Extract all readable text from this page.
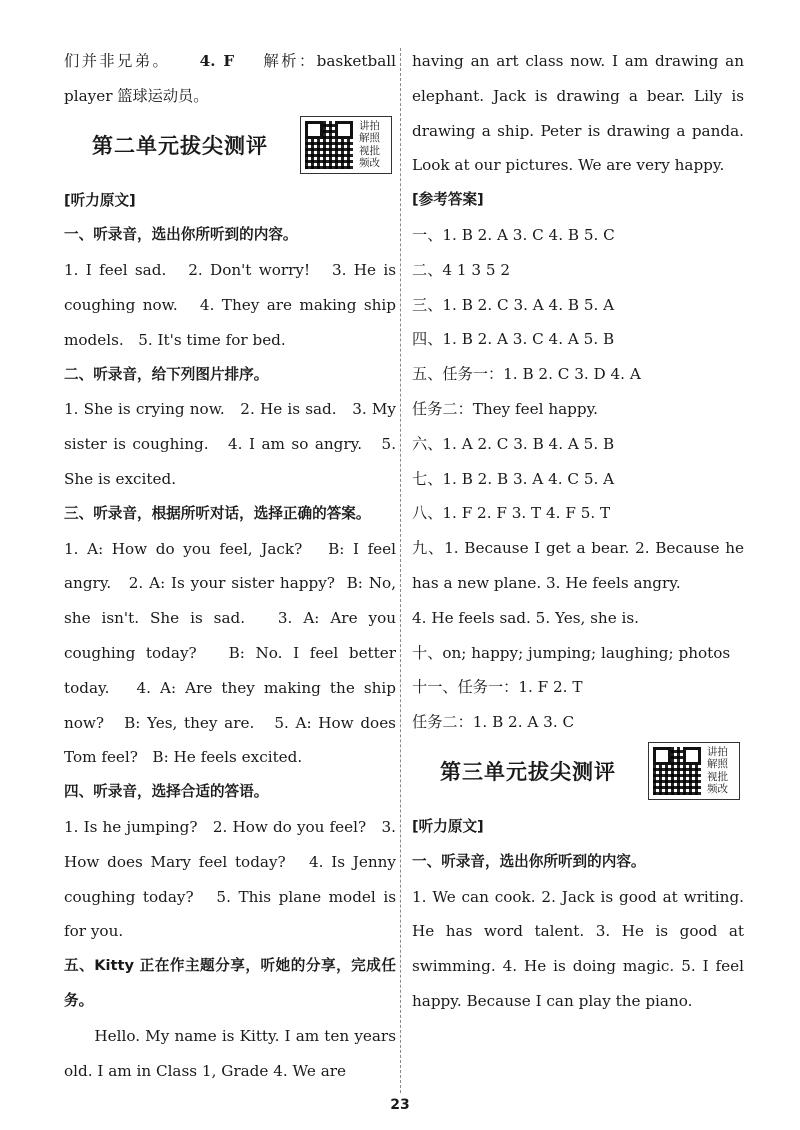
们并非兄弟。 4. F 解析：basketball player 篮球运动员。

第二单元拔尖测评
讲拍解照视批频改

[听力原文]

一、听录音，选出你所听到的内容。

1. I feel sad. 2. Don't worry! 3. He is coughing now. 4. They are making ship models. 5. It's time for bed.

二、听录音，给下列图片排序。

1. She is crying now. 2. He is sad. 3. My sister is coughing. 4. I am so angry. 5. She is excited.

三、听录音，根据所听对话，选择正确的答案。

1. A: How do you feel, Jack? B: I feel angry. 2. A: Is your sister happy? B: No, she isn't. She is sad. 3. A: Are you coughing today? B: No. I feel better today. 4. A: Are they making the ship now? B: Yes, they are. 5. A: How does Tom feel? B: He feels excited.

四、听录音，选择合适的答语。

1. Is he jumping? 2. How do you feel? 3. How does Mary feel today? 4. Is Jenny coughing today? 5. This plane model is for you.

五、Kitty 正在作主题分享，听她的分享，完成任务。

Hello. My name is Kitty. I am ten years old. I am in Class 1, Grade 4. We are

having an art class now. I am drawing an elephant. Jack is drawing a bear. Lily is drawing a ship. Peter is drawing a panda. Look at our pictures. We are very happy.

[参考答案]

一、1. B 2. A 3. C 4. B 5. C

二、4 1 3 5 2

三、1. B 2. C 3. A 4. B 5. A

四、1. B 2. A 3. C 4. A 5. B

五、任务一：1. B 2. C 3. D 4. A

任务二：They feel happy.

六、1. A 2. C 3. B 4. A 5. B

七、1. B 2. B 3. A 4. C 5. A

八、1. F 2. F 3. T 4. F 5. T

九、1. Because I get a bear. 2. Because he has a new plane. 3. He feels angry.

4. He feels sad. 5. Yes, she is.

十、on; happy; jumping; laughing; photos

十一、任务一：1. F 2. T

任务二：1. B 2. A 3. C

第三单元拔尖测评
讲拍解照视批频改

[听力原文]

一、听录音，选出你所听到的内容。

1. We can cook. 2. Jack is good at writing. He has word talent. 3. He is good at swimming. 4. He is doing magic. 5. I feel happy. Because I can play the piano.

23
